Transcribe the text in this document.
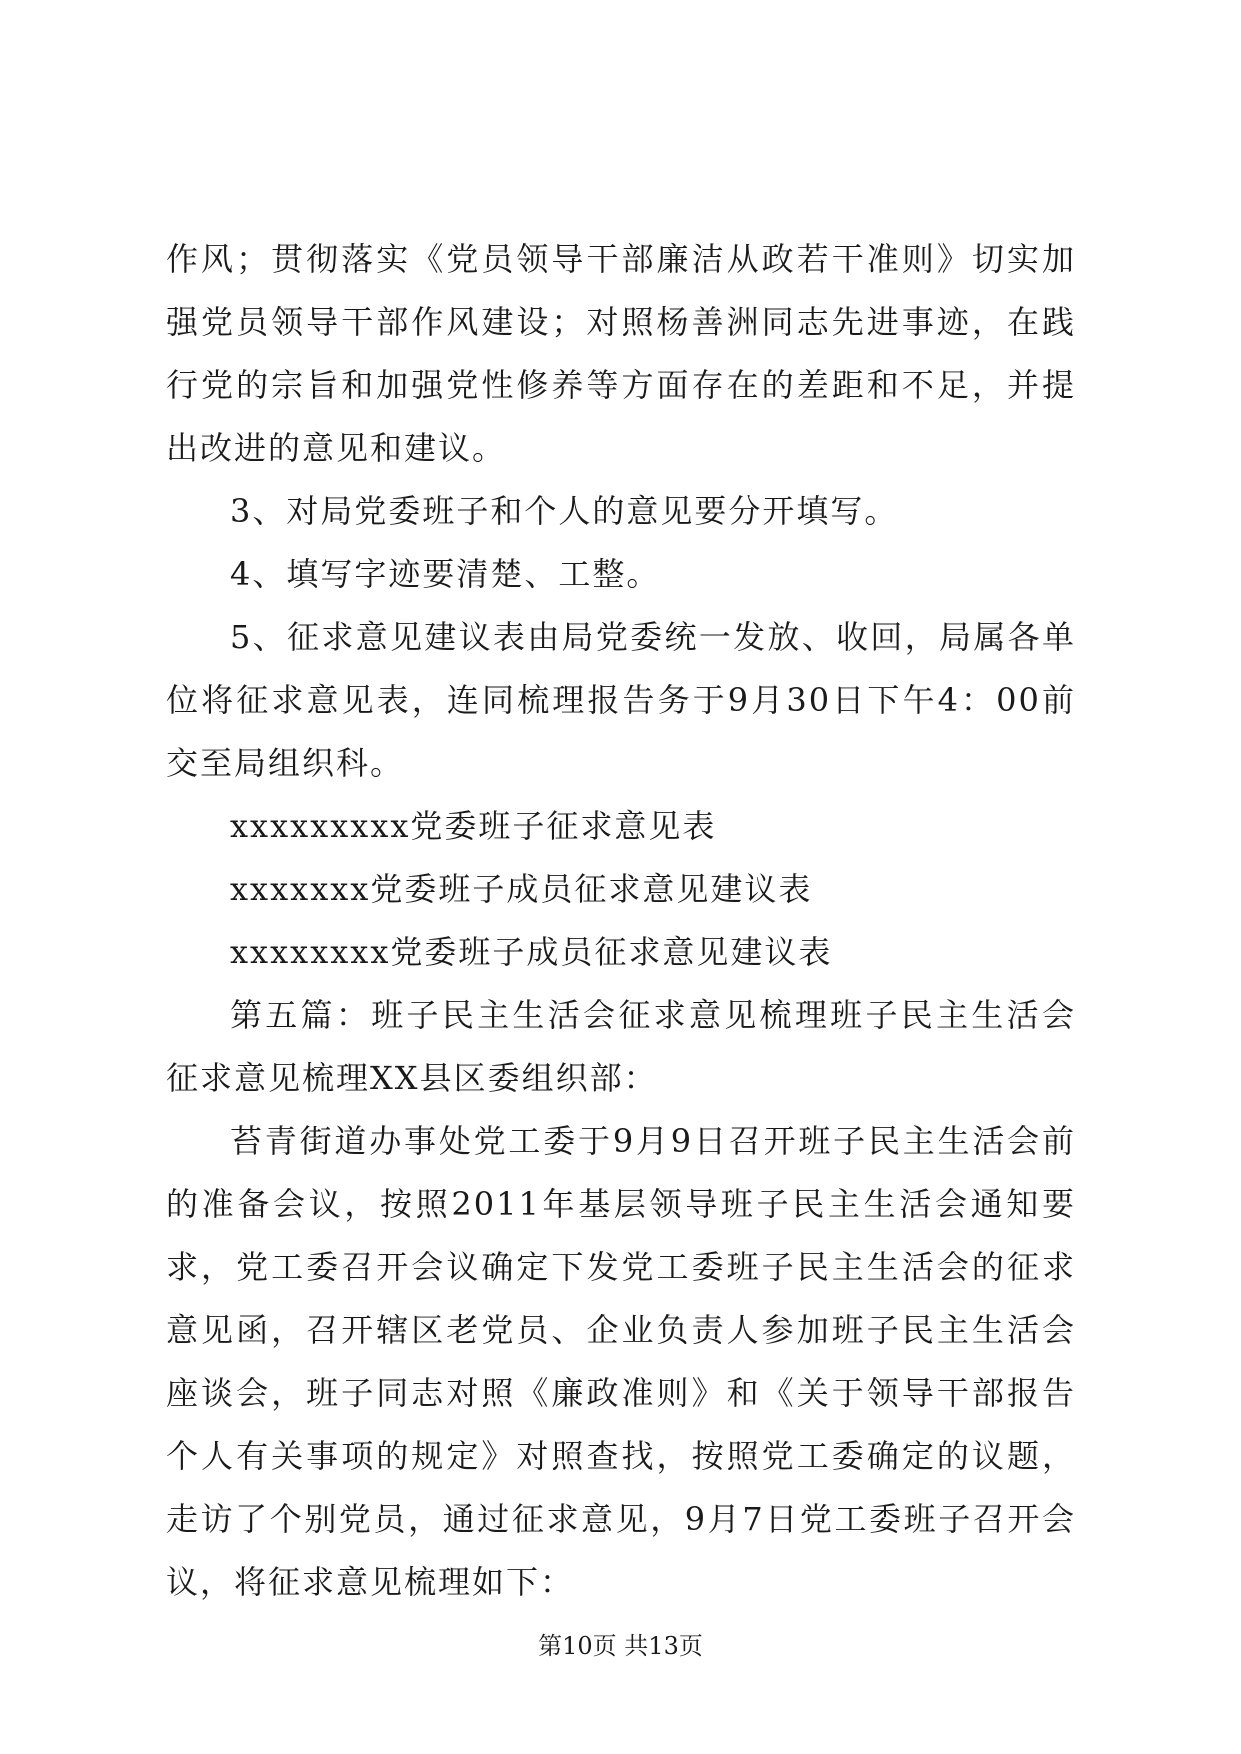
作风；贯彻落实《党员领导干部廉洁从政若干准则》切实加强党员领导干部作风建设；对照杨善洲同志先进事迹，在践行党的宗旨和加强党性修养等方面存在的差距和不足，并提出改进的意见和建议。

3、对局党委班子和个人的意见要分开填写。

4、填写字迹要清楚、工整。

5、征求意见建议表由局党委统一发放、收回，局属各单位将征求意见表，连同梳理报告务于9月30日下午4：00前交至局组织科。

xxxxxxxxx党委班子征求意见表

xxxxxxx党委班子成员征求意见建议表

xxxxxxxx党委班子成员征求意见建议表

第五篇：班子民主生活会征求意见梳理班子民主生活会征求意见梳理XX县区委组织部：

苔青街道办事处党工委于9月9日召开班子民主生活会前的准备会议，按照2011年基层领导班子民主生活会通知要求，党工委召开会议确定下发党工委班子民主生活会的征求意见函，召开辖区老党员、企业负责人参加班子民主生活会座谈会，班子同志对照《廉政准则》和《关于领导干部报告个人有关事项的规定》对照查找，按照党工委确定的议题，走访了个别党员，通过征求意见，9月7日党工委班子召开会议，将征求意见梳理如下：

第10页 共13页
